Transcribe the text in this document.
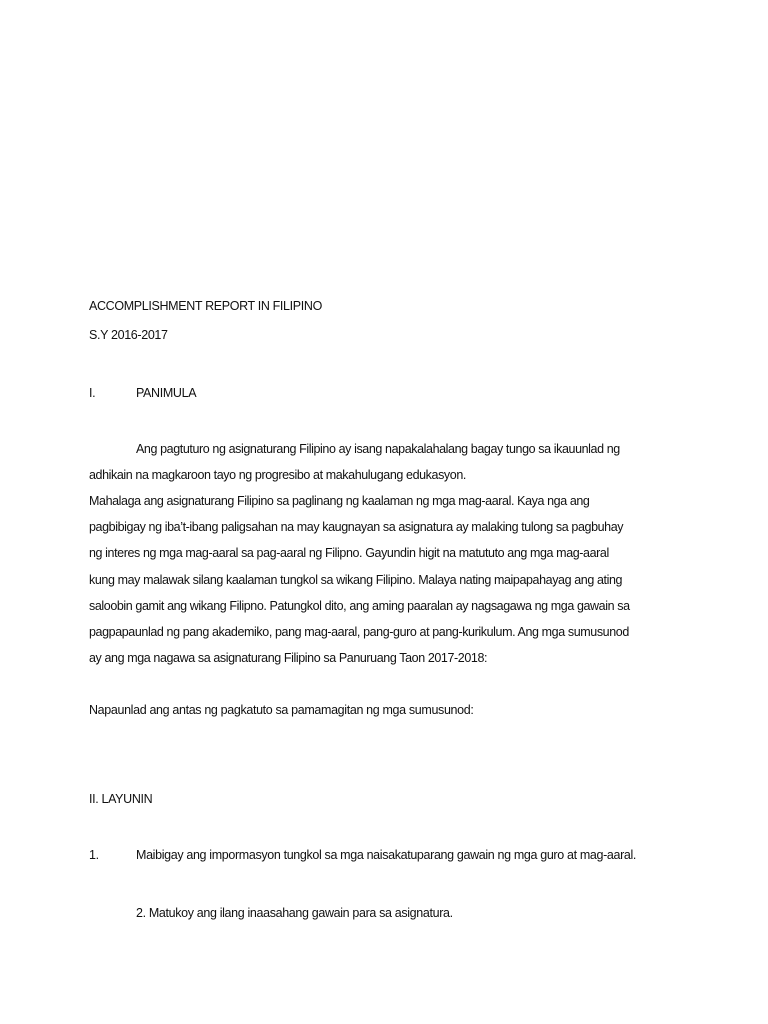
ACCOMPLISHMENT REPORT IN FILIPINO
S.Y 2016-2017
I.	PANIMULA
Ang pagtuturo ng asignaturang Filipino ay isang napakalahalang bagay tungo sa ikauunlad ng
adhikain na magkaroon tayo ng progresibo at makahulugang edukasyon.
Mahalaga ang asignaturang Filipino sa paglinang ng kaalaman ng mga mag-aaral. Kaya nga ang
pagbibigay ng iba’t-ibang paligsahan na may kaugnayan sa asignatura ay malaking tulong sa pagbuhay
ng interes ng mga mag-aaral sa pag-aaral ng Filipno. Gayundin higit na matututo ang mga mag-aaral
kung may malawak silang kaalaman tungkol sa wikang Filipino. Malaya nating maipapahayag ang ating
saloobin gamit ang wikang Filipno. Patungkol dito, ang aming paaralan ay nagsagawa ng mga gawain sa
pagpapaunlad ng pang akademiko, pang mag-aaral, pang-guro at pang-kurikulum. Ang mga sumusunod
ay ang mga nagawa sa asignaturang Filipino sa Panuruang Taon 2017-2018:
Napaunlad ang antas ng pagkatuto sa pamamagitan ng mga sumusunod:
II. LAYUNIN
1.	Maibigay ang impormasyon tungkol sa mga naisakatuparang gawain ng mga guro at mag-aaral.
2. Matukoy ang ilang inaasahang gawain para sa asignatura.
